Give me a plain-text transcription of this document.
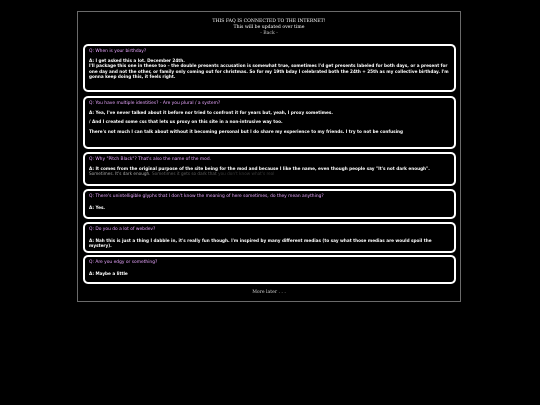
THIS FAQ IS CONNECTED TO THE INTERNET!
This will be updated over time
- Back -
Q: When is your birthday?
A: I get asked this a lot. December 24th.
I'll package this one in these too – the double presents accusation is somewhat true, sometimes I'd get presents labeled for both days, or a present for one day and not the other, or family only coming out for christmas. So for my 19th bday I celebrated both the 24th + 25th as my collective birthday. I'm gonna keep doing this, it feels right.
Q: You have multiple identities? - Are you plural / a system?
A: Yea, I've never talked about it before nor tried to confront it for years but, yeah, I proxy sometimes.
/ And I created some css that lets us proxy on this site in a non-intrusive way too.
There's not much I can talk about without it becoming personal but I do share my experience to my friends. I try to not be confusing
Q: Why "Pitch Black"? That's also the name of the mod.
A: It comes from the original purpose of the site being for the mod and because I like the name, even though people say "It's not dark enough".
Sometimes. It's dark enough. Sometimes it gets so dark that you don't know what's real
Q: There's unintelligible glyphs that I don't know the meaning of here sometimes, do they mean anything?
A: Yes.
Q: Do you do a lot of webdev?
A: Nah this is just a thing I dabble in, it's really fun though. I'm inspired by many different medias (to say what those medias are would spoil the mystery).
Q: Are you edgy or something?
A: Maybe a little
More later . . .
